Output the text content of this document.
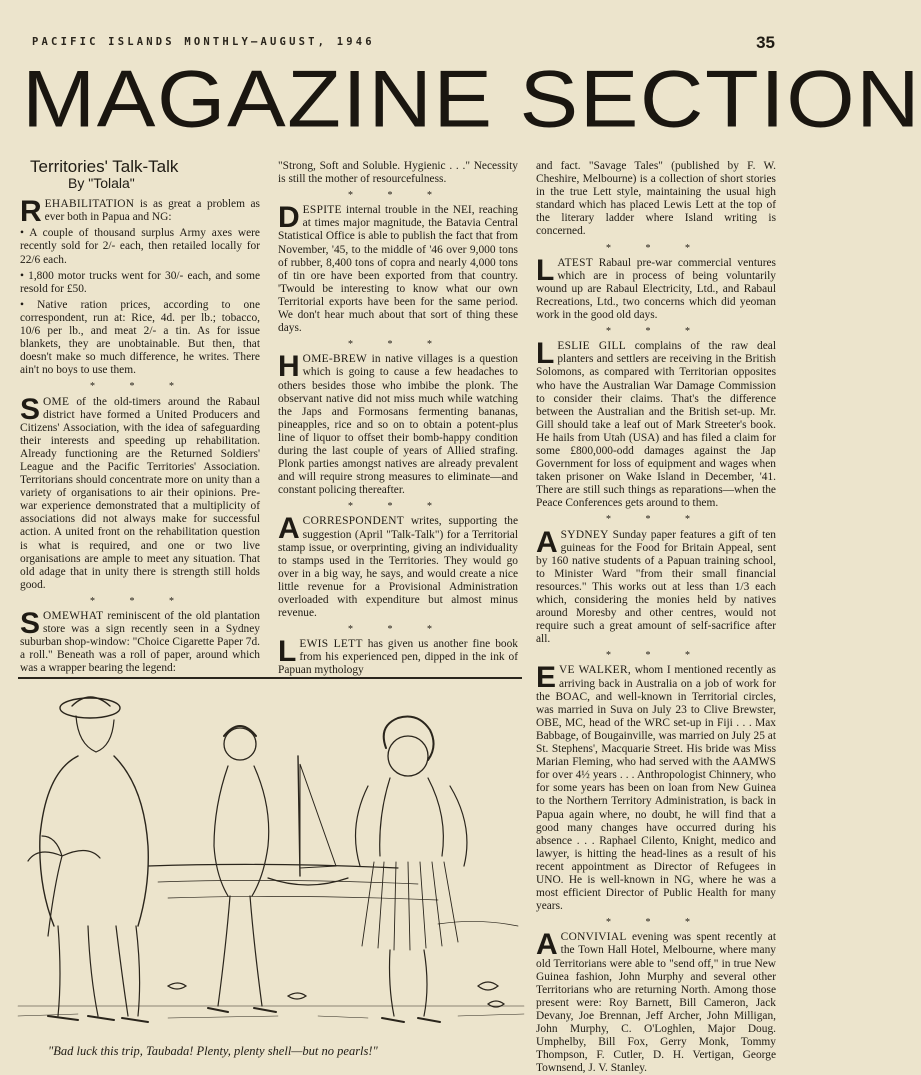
PACIFIC ISLANDS MONTHLY—AUGUST, 1946	35
MAGAZINE SECTION
Territories' Talk-Talk
By "Tolala"

REHABILITATION is as great a problem as ever both in Papua and NG:

• A couple of thousand surplus Army axes were recently sold for 2/- each, then retailed locally for 22/6 each.

• 1,800 motor trucks went for 30/- each, and some resold for £50.

• Native ration prices, according to one correspondent, run at: Rice, 4d. per lb.; tobacco, 10/6 per lb., and meat 2/- a tin. As for issue blankets, they are unobtainable. But then, that doesn't make so much difference, he writes. There ain't no boys to use them.

* * *

SOME of the old-timers around the Rabaul district have formed a United Producers and Citizens' Association, with the idea of safeguarding their interests and speeding up rehabilitation. Already functioning are the Returned Soldiers' League and the Pacific Territories' Association. Territorians should concentrate more on unity than a variety of organisations to air their opinions. Pre-war experience demonstrated that a multiplicity of associations did not always make for successful action. A united front on the rehabilitation question is what is required, and one or two live organisations are ample to meet any situation. That old adage that in unity there is strength still holds good.

* * *

SOMEWHAT reminiscent of the old plantation store was a sign recently seen in a Sydney suburban shop-window: "Choice Cigarette Paper 7d. a roll." Beneath was a roll of paper, around which was a wrapper bearing the legend:

"Strong, Soft and Soluble. Hygienic . . ." Necessity is still the mother of resourcefulness.

* * *

DESPITE internal trouble in the NEI, reaching at times major magnitude, the Batavia Central Statistical Office is able to publish the fact that from November, '45, to the middle of '46 over 9,000 tons of rubber, 8,400 tons of copra and nearly 4,000 tons of tin ore have been exported from that country. 'Twould be interesting to know what our own Territorial exports have been for the same period. We don't hear much about that sort of thing these days.

* * *

HOME-BREW in native villages is a question which is going to cause a few headaches to others besides those who imbibe the plonk. The observant native did not miss much while watching the Japs and Formosans fermenting bananas, pineapples, rice and so on to obtain a potent-plus line of liquor to offset their bomb-happy condition during the last couple of years of Allied strafing. Plonk parties amongst natives are already prevalent and will require strong measures to eliminate—and constant policing thereafter.

* * *

ACORRESPONDENT writes, supporting the suggestion (April "Talk-Talk") for a Territorial stamp issue, or overprinting, giving an individuality to stamps used in the Territories. They would go over in a big way, he says, and would create a nice little revenue for a Provisional Administration overloaded with expenditure but almost minus revenue.

* * *

LEWIS LETT has given us another fine book from his experienced pen, dipped in the ink of Papuan mythology

and fact. "Savage Tales" (published by F. W. Cheshire, Melbourne) is a collection of short stories in the true Lett style, maintaining the usual high standard which has placed Lewis Lett at the top of the literary ladder where Island writing is concerned.

* * *

LATEST Rabaul pre-war commercial ventures which are in process of being voluntarily wound up are Rabaul Electricity, Ltd., and Rabaul Recreations, Ltd., two concerns which did yeoman work in the good old days.

* * *

LESLIE GILL complains of the raw deal planters and settlers are receiving in the British Solomons, as compared with Territorian opposites who have the Australian War Damage Commission to consider their claims. That's the difference between the Australian and the British set-up. Mr. Gill should take a leaf out of Mark Streeter's book. He hails from Utah (USA) and has filed a claim for some £800,000-odd damages against the Jap Government for loss of equipment and wages when taken prisoner on Wake Island in December, '41. There are still such things as reparations—when the Peace Conferences gets around to them.

* * *

ASYDNEY Sunday paper features a gift of ten guineas for the Food for Britain Appeal, sent by 160 native students of a Papuan training school, to Minister Ward "from their small financial resources." This works out at less than 1/3 each which, considering the monies held by natives around Moresby and other centres, would not require such a great amount of self-sacrifice after all.

* * *

EVE WALKER, whom I mentioned recently as arriving back in Australia on a job of work for the BOAC, and well-known in Territorial circles, was married in Suva on July 23 to Clive Brewster, OBE, MC, head of the WRC set-up in Fiji . . . Max Babbage, of Bougainville, was married on July 25 at St. Stephens', Macquarie Street. His bride was Miss Marian Fleming, who had served with the AAMWS for over 4½ years . . . Anthropologist Chinnery, who for some years has been on loan from New Guinea to the Northern Territory Administration, is back in Papua again where, no doubt, he will find that a good many changes have occurred during his absence . . . Raphael Cilento, Knight, medico and lawyer, is hitting the head-lines as a result of his recent appointment as Director of Refugees in UNO. He is well-known in NG, where he was a most efficient Director of Public Health for many years.

* * *

ACONVIVIAL evening was spent recently at the Town Hall Hotel, Melbourne, where many old Territorians were able to "send off," in true New Guinea fashion, John Murphy and several other Territorians who are returning North. Among those present were: Roy Barnett, Bill Cameron, Jack Devany, Joe Brennan, Jeff Archer, John Milligan, John Murphy, C. O'Loghlen, Major Doug. Umphelby, Bill Fox, Gerry Monk, Tommy Thompson, F. Cutler, D. H. Vertigan, George Townsend, J. V. Stanley.

"Bad luck this trip, Taubada! Plenty, plenty shell—but no pearls!"
